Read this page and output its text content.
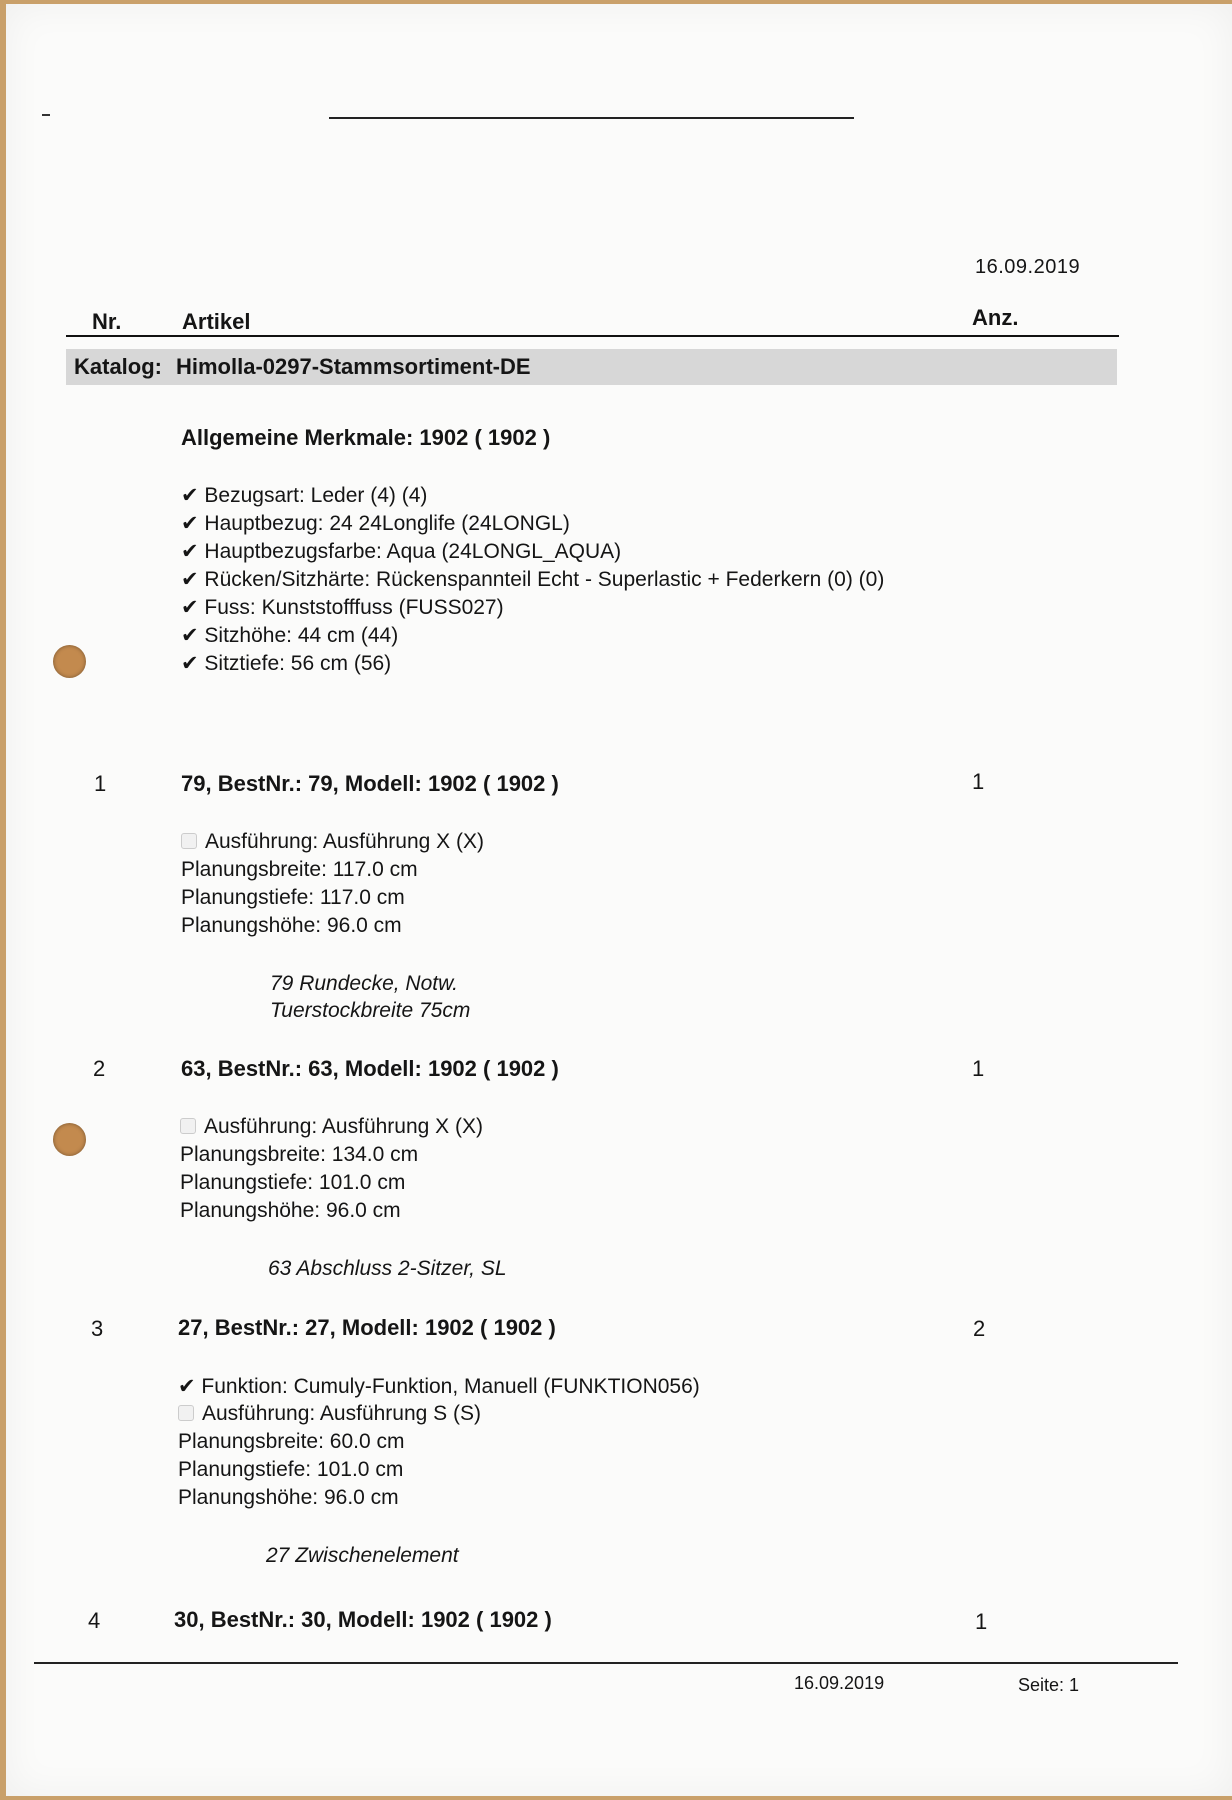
16.09.2019
Nr.	Artikel	Anz.
Katalog: Himolla-0297-Stammsortiment-DE
Allgemeine Merkmale: 1902 ( 1902 )
✔ Bezugsart: Leder (4) (4)
✔ Hauptbezug: 24 24Longlife (24LONGL)
✔ Hauptbezugsfarbe: Aqua (24LONGL_AQUA)
✔ Rücken/Sitzhärte: Rückenspannteil Echt - Superlastic + Federkern (0) (0)
✔ Fuss: Kunststofffuss (FUSS027)
✔ Sitzhöhe: 44 cm (44)
✔ Sitztiefe: 56 cm (56)
1	79, BestNr.: 79, Modell: 1902 ( 1902 )	1
Ausführung: Ausführung X (X)
Planungsbreite: 117.0 cm
Planungstiefe: 117.0 cm
Planungshöhe: 96.0 cm
79 Rundecke, Notw.
Tuerstockbreite 75cm
2	63, BestNr.: 63, Modell: 1902 ( 1902 )	1
Ausführung: Ausführung X (X)
Planungsbreite: 134.0 cm
Planungstiefe: 101.0 cm
Planungshöhe: 96.0 cm
63 Abschluss 2-Sitzer, SL
3	27, BestNr.: 27, Modell: 1902 ( 1902 )	2
✔ Funktion: Cumuly-Funktion, Manuell (FUNKTION056)
Ausführung: Ausführung S (S)
Planungsbreite: 60.0 cm
Planungstiefe: 101.0 cm
Planungshöhe: 96.0 cm
27 Zwischenelement
4	30, BestNr.: 30, Modell: 1902 ( 1902 )	1
16.09.2019	Seite: 1
